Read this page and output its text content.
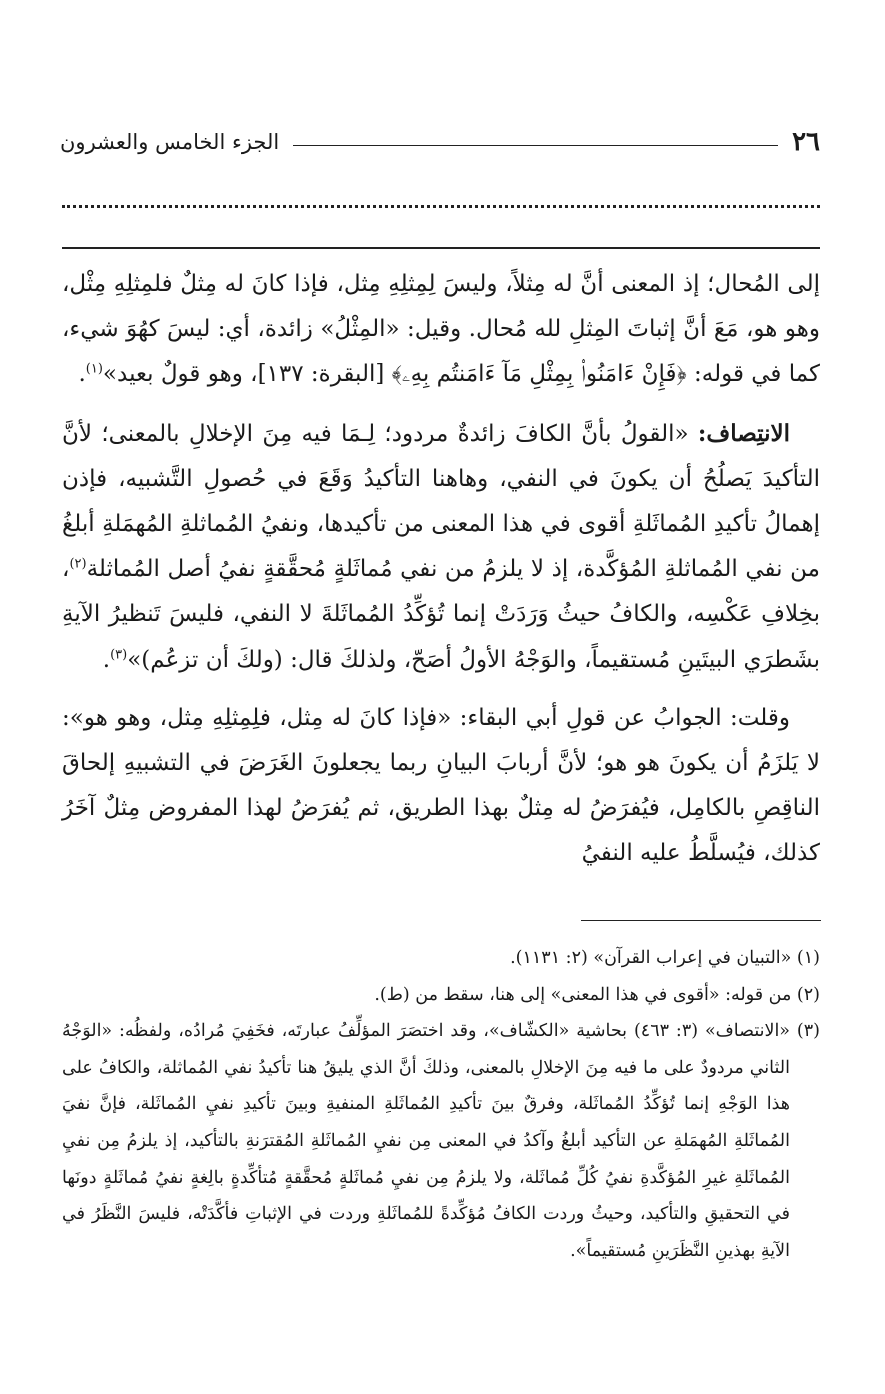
الجزء الخامس والعشرون	٢٦

إلى المُحال؛ إذ المعنى أنَّ له مِثلاً، وليسَ لِمِثلِهِ مِثل، فإذا كانَ له مِثلٌ فلمِثلِهِ مِثْل، وهو هو، مَعَ أنَّ إثباتَ المِثلِ لله مُحال. وقيل: «المِثْلُ» زائدة، أي: ليسَ كهُوَ شيء، كما في قوله: ﴿فَإِنْ ءَامَنُوا۟ بِمِثْلِ مَآ ءَامَنتُم بِهِۦ﴾ [البقرة: ١٣٧]، وهو قولٌ بعيد»$^{(١)}$.

الانتِصاف: «القولُ بأنَّ الكافَ زائدةٌ مردود؛ لِـمَا فيه مِنَ الإخلالِ بالمعنى؛ لأنَّ التأكيدَ يَصلُحُ أن يكونَ في النفي، وهاهنا التأكيدُ وَقَعَ في حُصولِ التَّشبيه، فإذن إهمالُ تأكيدِ المُماثَلةِ أقوى في هذا المعنى من تأكيدها، ونفيُ المُماثلةِ المُهمَلةِ أبلغُ من نفي المُماثلةِ المُؤكَّدة، إذ لا يلزمُ من نفي مُماثَلةٍ مُحقَّقةٍ نفيُ أصل المُماثلة$^{(٢)}$، بخِلافِ عَكْسِه، والكافُ حيثُ وَرَدَتْ إنما تُؤكِّدُ المُماثَلةَ لا النفي، فليسَ تَنظيرُ الآيةِ بشَطرَي البيتَينِ مُستقيماً، والوَجْهُ الأولُ أصَحّ، ولذلكَ قال: (ولكَ أن تزعُم)»$^{(٣)}$.

وقلت: الجوابُ عن قولِ أبي البقاء: «فإذا كانَ له مِثل، فلِمِثلِهِ مِثل، وهو هو»: لا يَلزَمُ أن يكونَ هو هو؛ لأنَّ أربابَ البيانِ ربما يجعلونَ الغَرَضَ في التشبيهِ إلحاقَ الناقِصِ بالكامِل، فيُفرَضُ له مِثلٌ بهذا الطريق، ثم يُفرَضُ لهذا المفروض مِثلٌ آخَرُ كذلك، فيُسلَّطُ عليه النفيُ

(١) «التبيان في إعراب القرآن» (٢: ١١٣١).

(٢) من قوله: «أقوى في هذا المعنى» إلى هنا، سقط من (ط).

(٣) «الانتصاف» (٣: ٤٦٣) بحاشية «الكشّاف»، وقد اختصَرَ المؤلِّفُ عبارتَه، فخَفِيَ مُرادُه، ولفظُه: «الوَجْهُ الثاني مردودٌ على ما فيه مِنَ الإخلالِ بالمعنى، وذلكَ أنَّ الذي يليقُ هنا تأكيدُ نفي المُماثلة، والكافُ على هذا الوَجْهِ إنما تُؤكِّدُ المُماثَلة، وفرقٌ بينَ تأكيدِ المُماثَلةِ المنفيةِ وبينَ تأكيدِ نفيِ المُماثَلة، فإنَّ نفيَ المُماثَلةِ المُهمَلةِ عن التأكيد أبلغُ وآكدُ في المعنى مِن نفيِ المُماثَلةِ المُقترَنةِ بالتأكيد، إذ يلزمُ مِن نفيِ المُماثَلةِ غيرِ المُؤكَّدةِ نفيُ كُلِّ مُماثَلة، ولا يلزمُ مِن نفيِ مُماثَلةٍ مُحقَّقةٍ مُتأكِّدةٍ بالِغةٍ نفيُ مُماثَلةٍ دونَها في التحقيقِ والتأكيد، وحيثُ وردت الكافُ مُؤكِّدةً للمُماثَلةِ وردت في الإثباتِ فأكَّدَتْه، فليسَ النَّظَرُ في الآيةِ بهذينِ النَّظَرَينِ مُستقيماً».
